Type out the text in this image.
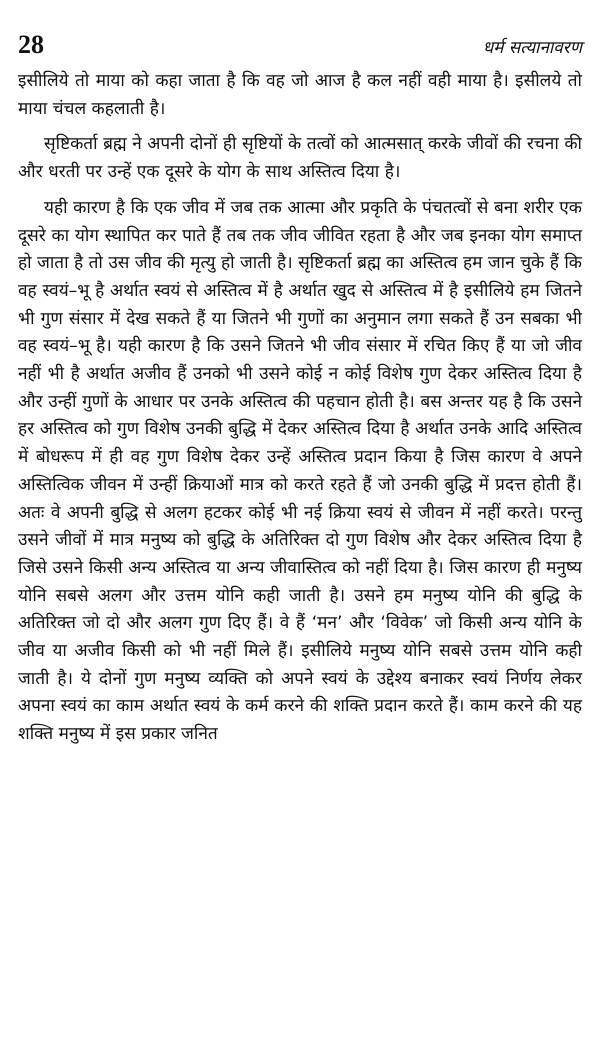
28	धर्म सत्यानावरण

इसीलिये तो माया को कहा जाता है कि वह जो आज है कल नहीं वही माया है। इसीलये तो माया चंचल कहलाती है।

सृष्टिकर्ता ब्रह्म ने अपनी दोनों ही सृष्टियों के तत्वों को आत्मसात् करके जीवों की रचना की और धरती पर उन्हें एक दूसरे के योग के साथ अस्तित्व दिया है।

यही कारण है कि एक जीव में जब तक आत्मा और प्रकृति के पंचतत्वों से बना शरीर एक दूसरे का योग स्थापित कर पाते हैं तब तक जीव जीवित रहता है और जब इनका योग समाप्त हो जाता है तो उस जीव की मृत्यु हो जाती है। सृष्टिकर्ता ब्रह्म का अस्तित्व हम जान चुके हैं कि वह स्वयं–भू है अर्थात स्वयं से अस्तित्व में है अर्थात खुद से अस्तित्व में है इसीलिये हम जितने भी गुण संसार में देख सकते हैं या जितने भी गुणों का अनुमान लगा सकते हैं उन सबका भी वह स्वयं–भू है। यही कारण है कि उसने जितने भी जीव संसार में रचित किए हैं या जो जीव नहीं भी है अर्थात अजीव हैं उनको भी उसने कोई न कोई विशेष गुण देकर अस्तित्व दिया है और उन्हीं गुणों के आधार पर उनके अस्तित्व की पहचान होती है। बस अन्तर यह है कि उसने हर अस्तित्व को गुण विशेष उनकी बुद्धि में देकर अस्तित्व दिया है अर्थात उनके आदि अस्तित्व में बोधरूप में ही वह गुण विशेष देकर उन्हें अस्तित्व प्रदान किया है जिस कारण वे अपने अस्तित्विक जीवन में उन्हीं क्रियाओं मात्र को करते रहते हैं जो उनकी बुद्धि में प्रदत्त होती हैं। अतः वे अपनी बुद्धि से अलग हटकर कोई भी नई क्रिया स्वयं से जीवन में नहीं करते। परन्तु उसने जीवों में मात्र मनुष्य को बुद्धि के अतिरिक्त दो गुण विशेष और देकर अस्तित्व दिया है जिसे उसने किसी अन्य अस्तित्व या अन्य जीवास्तित्व को नहीं दिया है। जिस कारण ही मनुष्य योनि सबसे अलग और उत्तम योनि कही जाती है। उसने हम मनुष्य योनि की बुद्धि के अतिरिक्त जो दो और अलग गुण दिए हैं। वे हैं ‘मन’ और ‘विवेक’ जो किसी अन्य योनि के जीव या अजीव किसी को भी नहीं मिले हैं। इसीलिये मनुष्य योनि सबसे उत्तम योनि कही जाती है। ये दोनों गुण मनुष्य व्यक्ति को अपने स्वयं के उद्देश्य बनाकर स्वयं निर्णय लेकर अपना स्वयं का काम अर्थात स्वयं के कर्म करने की शक्ति प्रदान करते हैं। काम करने की यह शक्ति मनुष्य में इस प्रकार जनित
